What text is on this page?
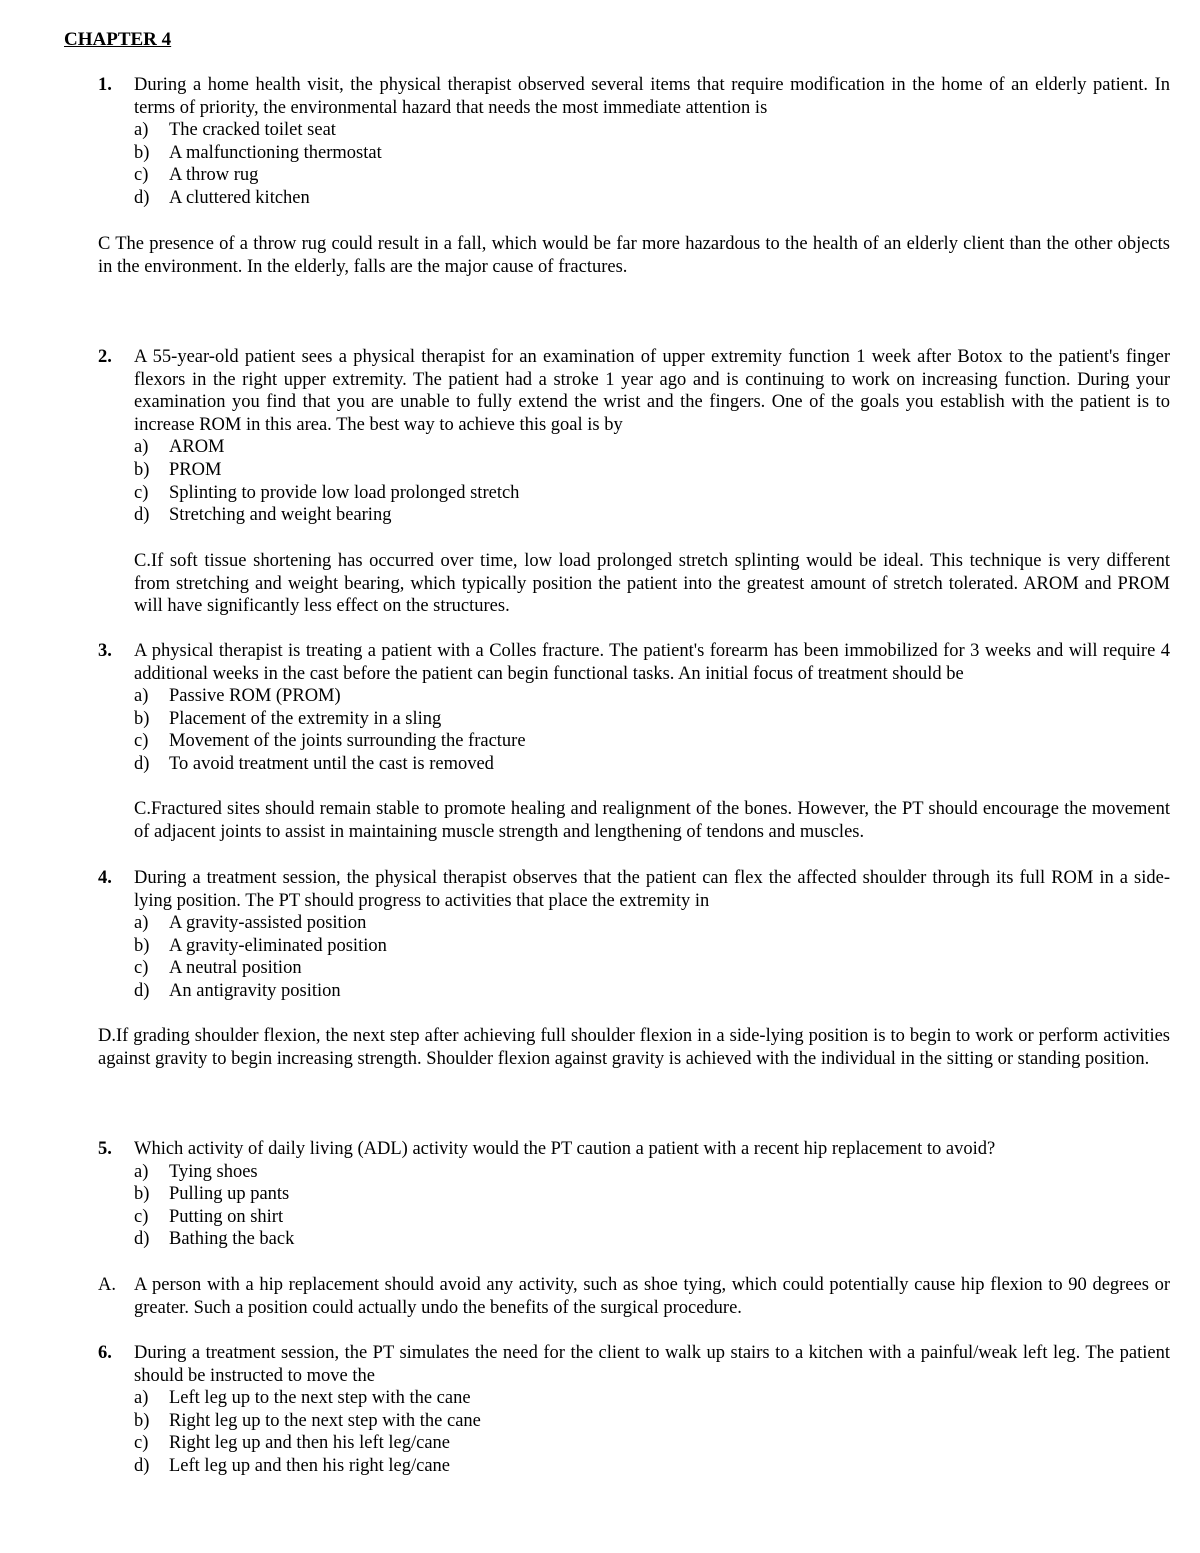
CHAPTER 4
1. During a home health visit, the physical therapist observed several items that require modification in the home of an elderly patient. In terms of priority, the environmental hazard that needs the most immediate attention is
a) The cracked toilet seat
b) A malfunctioning thermostat
c) A throw rug
d) A cluttered kitchen
C The presence of a throw rug could result in a fall, which would be far more hazardous to the health of an elderly client than the other objects in the environment. In the elderly, falls are the major cause of fractures.
2. A 55-year-old patient sees a physical therapist for an examination of upper extremity function 1 week after Botox to the patient's finger flexors in the right upper extremity. The patient had a stroke 1 year ago and is continuing to work on increasing function. During your examination you find that you are unable to fully extend the wrist and the fingers. One of the goals you establish with the patient is to increase ROM in this area. The best way to achieve this goal is by
a) AROM
b) PROM
c) Splinting to provide low load prolonged stretch
d) Stretching and weight bearing
C.If soft tissue shortening has occurred over time, low load prolonged stretch splinting would be ideal. This technique is very different from stretching and weight bearing, which typically position the patient into the greatest amount of stretch tolerated. AROM and PROM will have significantly less effect on the structures.
3. A physical therapist is treating a patient with a Colles fracture. The patient's forearm has been immobilized for 3 weeks and will require 4 additional weeks in the cast before the patient can begin functional tasks. An initial focus of treatment should be
a) Passive ROM (PROM)
b) Placement of the extremity in a sling
c) Movement of the joints surrounding the fracture
d) To avoid treatment until the cast is removed
C.Fractured sites should remain stable to promote healing and realignment of the bones. However, the PT should encourage the movement of adjacent joints to assist in maintaining muscle strength and lengthening of tendons and muscles.
4. During a treatment session, the physical therapist observes that the patient can flex the affected shoulder through its full ROM in a side-lying position. The PT should progress to activities that place the extremity in
a) A gravity-assisted position
b) A gravity-eliminated position
c) A neutral position
d) An antigravity position
D.If grading shoulder flexion, the next step after achieving full shoulder flexion in a side-lying position is to begin to work or perform activities against gravity to begin increasing strength. Shoulder flexion against gravity is achieved with the individual in the sitting or standing position.
5. Which activity of daily living (ADL) activity would the PT caution a patient with a recent hip replacement to avoid?
a) Tying shoes
b) Pulling up pants
c) Putting on shirt
d) Bathing the back
A. A person with a hip replacement should avoid any activity, such as shoe tying, which could potentially cause hip flexion to 90 degrees or greater. Such a position could actually undo the benefits of the surgical procedure.
6. During a treatment session, the PT simulates the need for the client to walk up stairs to a kitchen with a painful/weak left leg. The patient should be instructed to move the
a) Left leg up to the next step with the cane
b) Right leg up to the next step with the cane
c) Right leg up and then his left leg/cane
d) Left leg up and then his right leg/cane
